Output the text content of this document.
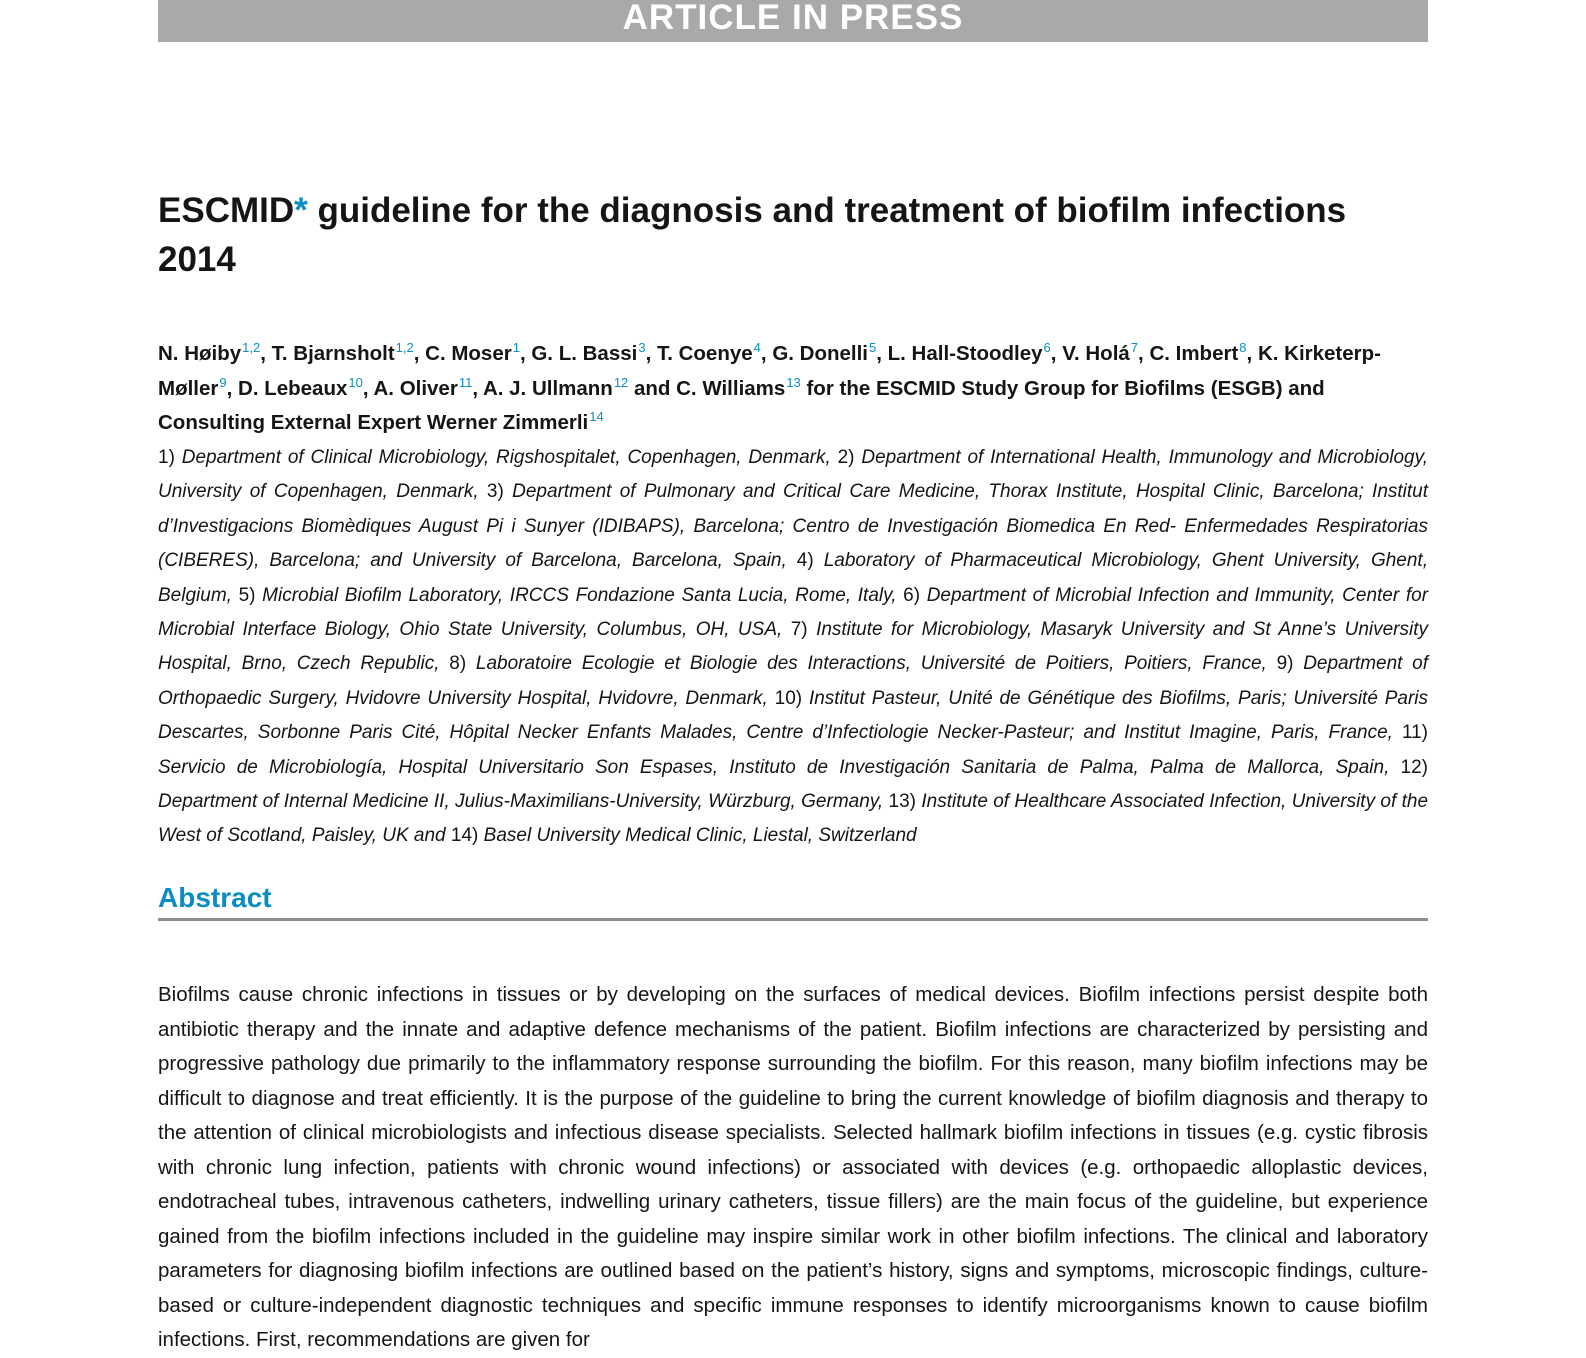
ARTICLE IN PRESS
ESCMID* guideline for the diagnosis and treatment of biofilm infections 2014

N. Høiby$^{1,2}$, T. Bjarnsholt$^{1,2}$, C. Moser$^1$, G. L. Bassi$^3$, T. Coenye$^4$, G. Donelli$^5$, L. Hall-Stoodley$^6$, V. Holá$^7$, C. Imbert$^8$, K. Kirketerp-Møller$^9$, D. Lebeaux$^{10}$, A. Oliver$^{11}$, A. J. Ullmann$^{12}$ and C. Williams$^{13}$ for the ESCMID Study Group for Biofilms (ESGB) and Consulting External Expert Werner Zimmerli$^{14}$

1) Department of Clinical Microbiology, Rigshospitalet, Copenhagen, Denmark, 2) Department of International Health, Immunology and Microbiology, University of Copenhagen, Denmark, 3) Department of Pulmonary and Critical Care Medicine, Thorax Institute, Hospital Clinic, Barcelona; Institut d’Investigacions Biomèdiques August Pi i Sunyer (IDIBAPS), Barcelona; Centro de Investigación Biomedica En Red- Enfermedades Respiratorias (CIBERES), Barcelona; and University of Barcelona, Barcelona, Spain, 4) Laboratory of Pharmaceutical Microbiology, Ghent University, Ghent, Belgium, 5) Microbial Biofilm Laboratory, IRCCS Fondazione Santa Lucia, Rome, Italy, 6) Department of Microbial Infection and Immunity, Center for Microbial Interface Biology, Ohio State University, Columbus, OH, USA, 7) Institute for Microbiology, Masaryk University and St Anne’s University Hospital, Brno, Czech Republic, 8) Laboratoire Ecologie et Biologie des Interactions, Université de Poitiers, Poitiers, France, 9) Department of Orthopaedic Surgery, Hvidovre University Hospital, Hvidovre, Denmark, 10) Institut Pasteur, Unité de Génétique des Biofilms, Paris; Université Paris Descartes, Sorbonne Paris Cité, Hôpital Necker Enfants Malades, Centre d’Infectiologie Necker-Pasteur; and Institut Imagine, Paris, France, 11) Servicio de Microbiología, Hospital Universitario Son Espases, Instituto de Investigación Sanitaria de Palma, Palma de Mallorca, Spain, 12) Department of Internal Medicine II, Julius-Maximilians-University, Würzburg, Germany, 13) Institute of Healthcare Associated Infection, University of the West of Scotland, Paisley, UK and 14) Basel University Medical Clinic, Liestal, Switzerland

Abstract

Biofilms cause chronic infections in tissues or by developing on the surfaces of medical devices. Biofilm infections persist despite both antibiotic therapy and the innate and adaptive defence mechanisms of the patient. Biofilm infections are characterized by persisting and progressive pathology due primarily to the inflammatory response surrounding the biofilm. For this reason, many biofilm infections may be difficult to diagnose and treat efficiently. It is the purpose of the guideline to bring the current knowledge of biofilm diagnosis and therapy to the attention of clinical microbiologists and infectious disease specialists. Selected hallmark biofilm infections in tissues (e.g. cystic fibrosis with chronic lung infection, patients with chronic wound infections) or associated with devices (e.g. orthopaedic alloplastic devices, endotracheal tubes, intravenous catheters, indwelling urinary catheters, tissue fillers) are the main focus of the guideline, but experience gained from the biofilm infections included in the guideline may inspire similar work in other biofilm infections. The clinical and laboratory parameters for diagnosing biofilm infections are outlined based on the patient’s history, signs and symptoms, microscopic findings, culture-based or culture-independent diagnostic techniques and specific immune responses to identify microorganisms known to cause biofilm infections. First, recommendations are given for
